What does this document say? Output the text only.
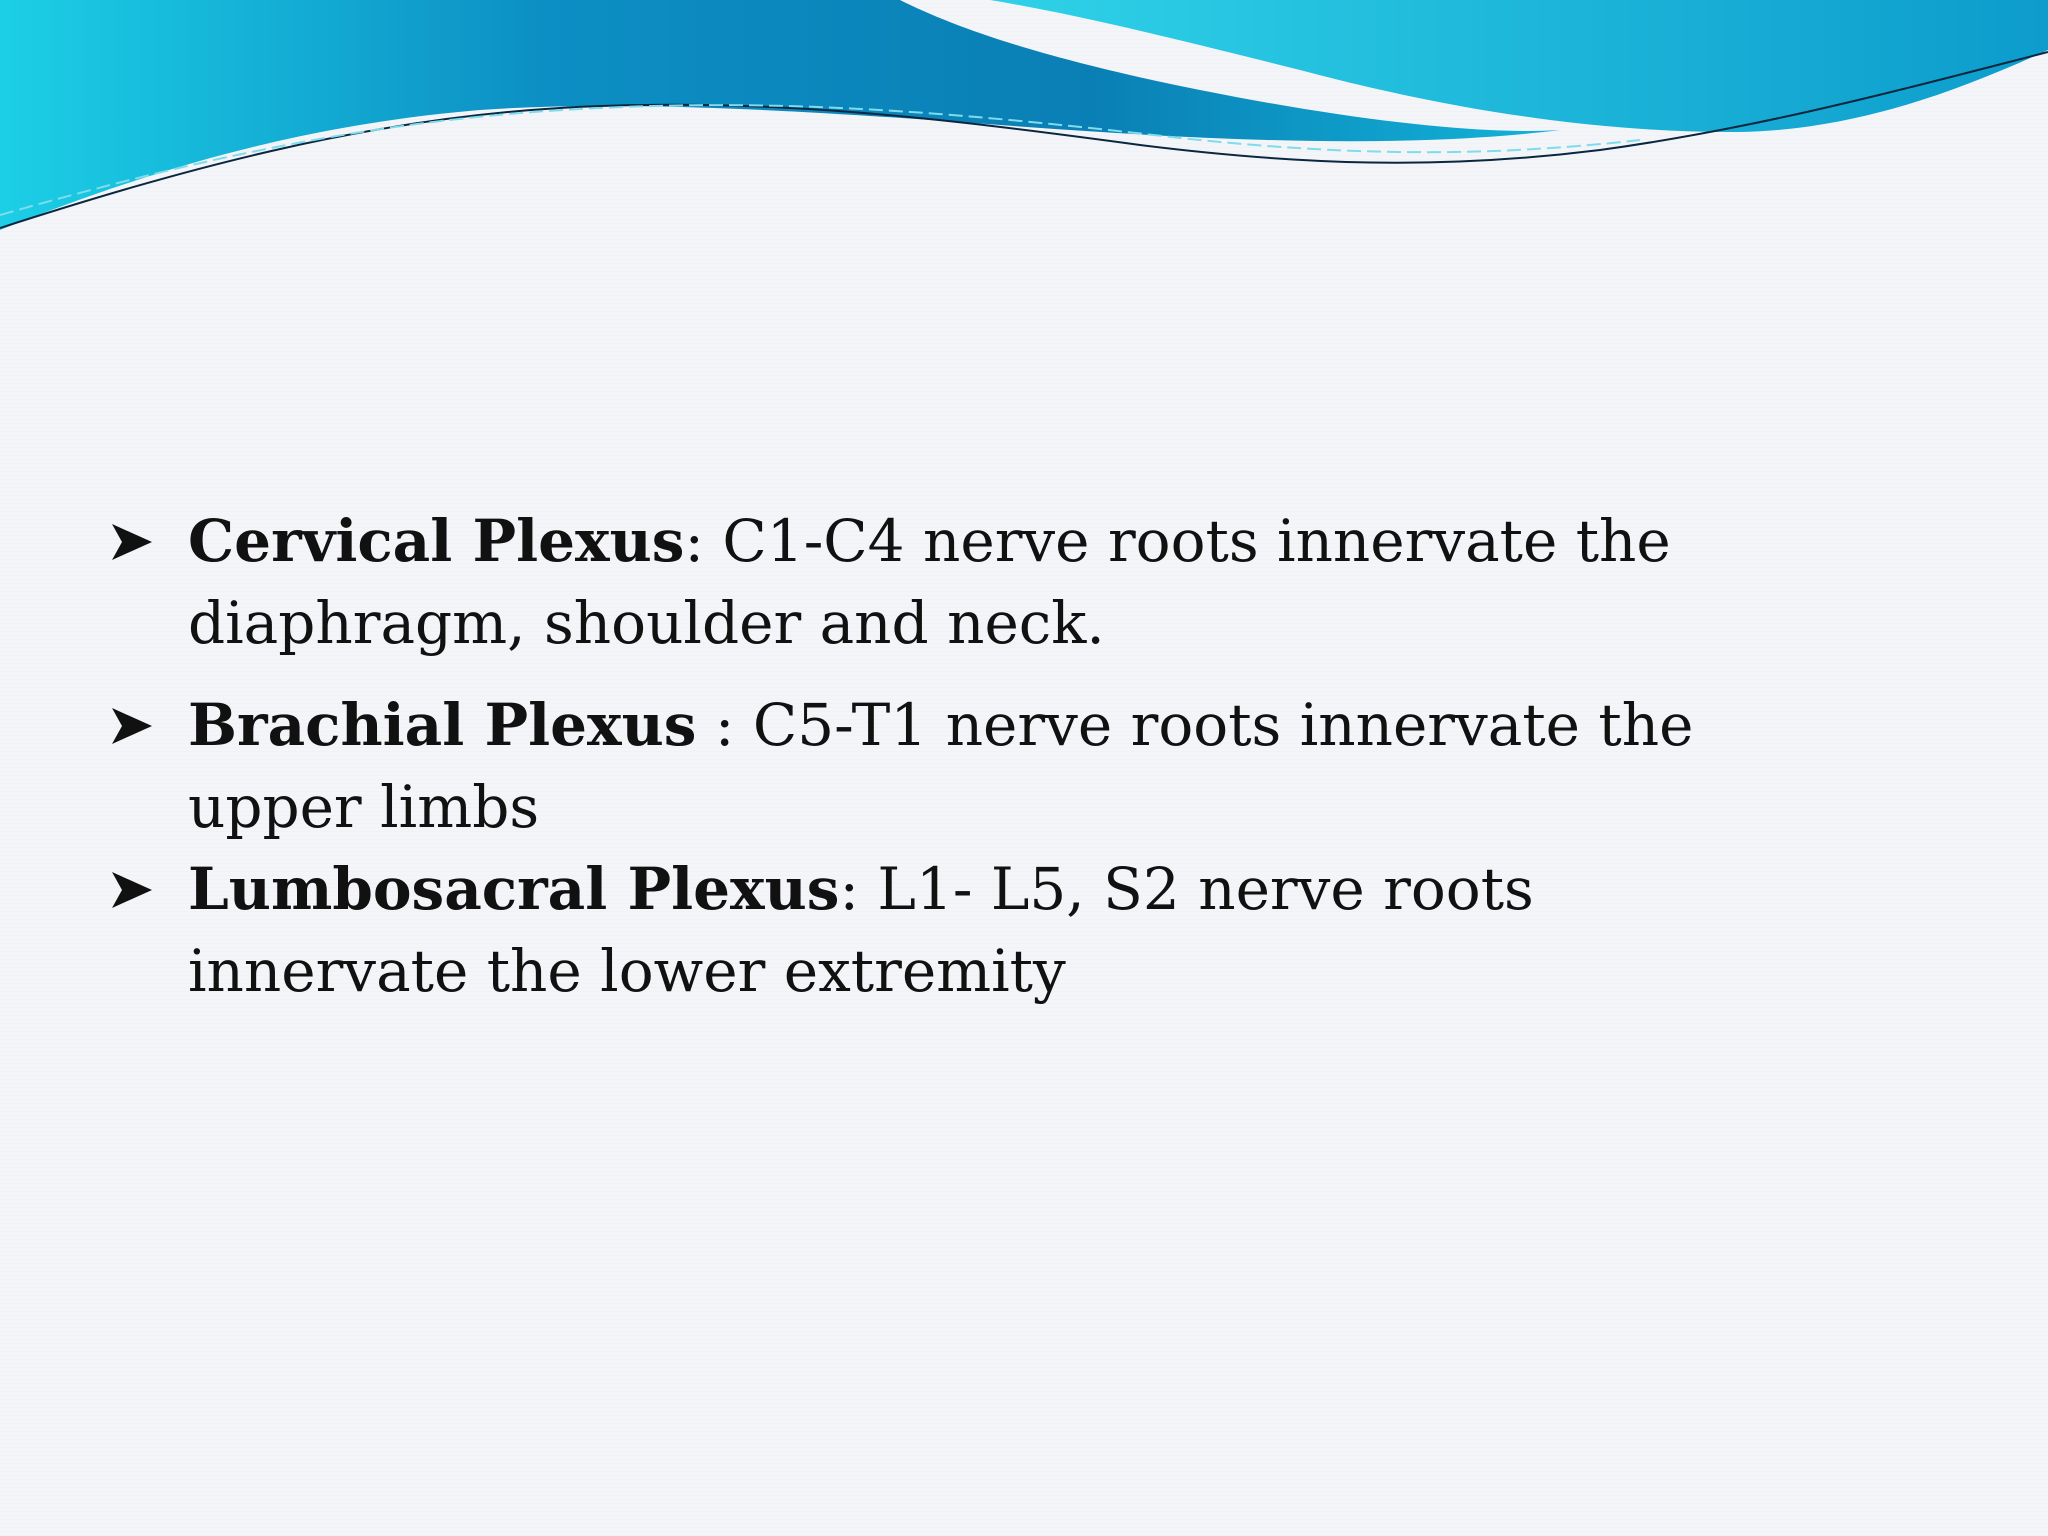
Cervical Plexus: C1-C4 nerve roots innervate the diaphragm, shoulder and neck.
Brachial Plexus : C5-T1 nerve roots innervate the upper limbs
Lumbosacral Plexus: L1- L5, S2 nerve roots innervate the lower extremity
